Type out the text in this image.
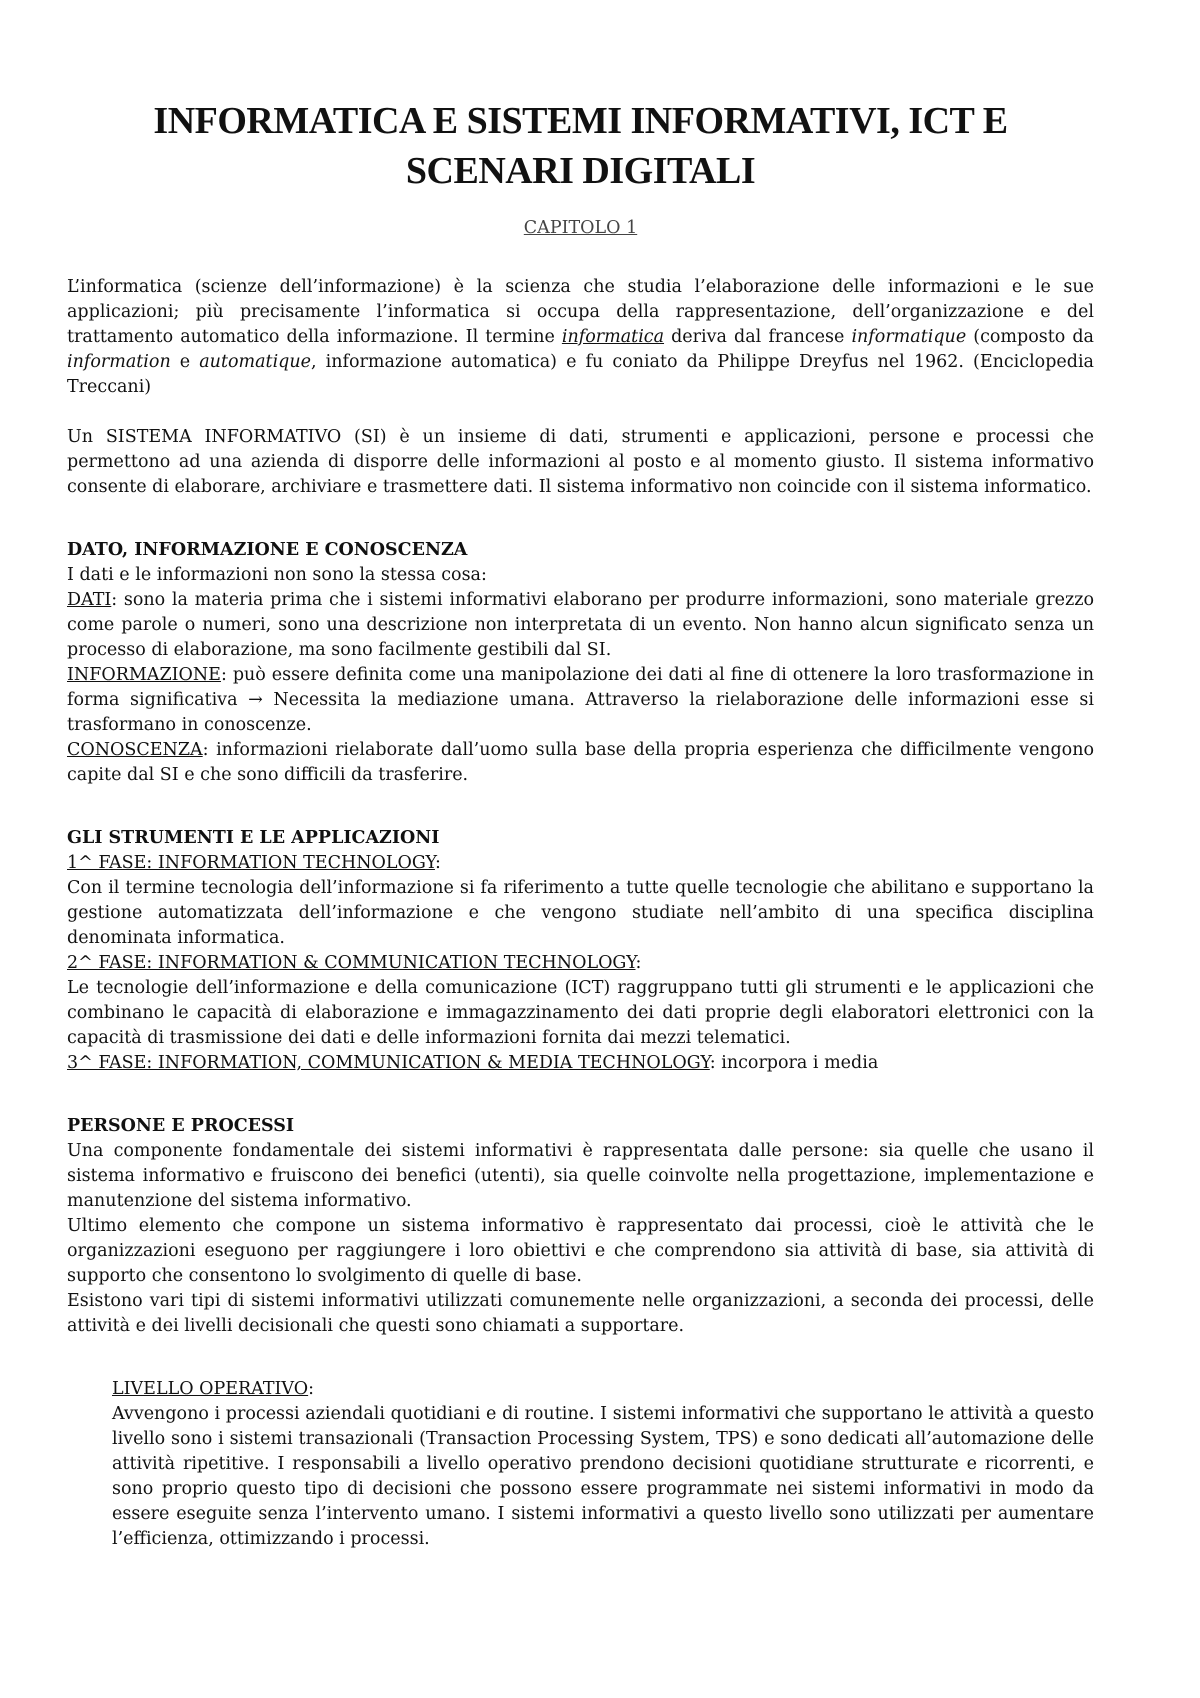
INFORMATICA E SISTEMI INFORMATIVI, ICT E SCENARI DIGITALI
CAPITOLO 1

L’informatica (scienze dell’informazione) è la scienza che studia l’elaborazione delle informazioni e le sue applicazioni; più precisamente l’informatica si occupa della rappresentazione, dell’organizzazione e del trattamento automatico della informazione. Il termine informatica deriva dal francese informatique (composto da information e automatique, informazione automatica) e fu coniato da Philippe Dreyfus nel 1962. (Enciclopedia Treccani)

Un SISTEMA INFORMATIVO (SI) è un insieme di dati, strumenti e applicazioni, persone e processi che permettono ad una azienda di disporre delle informazioni al posto e al momento giusto. Il sistema informativo consente di elaborare, archiviare e trasmettere dati. Il sistema informativo non coincide con il sistema informatico.

DATO, INFORMAZIONE E CONOSCENZA

I dati e le informazioni non sono la stessa cosa:

DATI: sono la materia prima che i sistemi informativi elaborano per produrre informazioni, sono materiale grezzo come parole o numeri, sono una descrizione non interpretata di un evento. Non hanno alcun significato senza un processo di elaborazione, ma sono facilmente gestibili dal SI.

INFORMAZIONE: può essere definita come una manipolazione dei dati al fine di ottenere la loro trasformazione in forma significativa → Necessita la mediazione umana. Attraverso la rielaborazione delle informazioni esse si trasformano in conoscenze.

CONOSCENZA: informazioni rielaborate dall’uomo sulla base della propria esperienza che difficilmente vengono capite dal SI e che sono difficili da trasferire.

GLI STRUMENTI E LE APPLICAZIONI

1^ FASE: INFORMATION TECHNOLOGY:

Con il termine tecnologia dell’informazione si fa riferimento a tutte quelle tecnologie che abilitano e supportano la gestione automatizzata dell’informazione e che vengono studiate nell’ambito di una specifica disciplina denominata informatica.

2^ FASE: INFORMATION & COMMUNICATION TECHNOLOGY:

Le tecnologie dell’informazione e della comunicazione (ICT) raggruppano tutti gli strumenti e le applicazioni che combinano le capacità di elaborazione e immagazzinamento dei dati proprie degli elaboratori elettronici con la capacità di trasmissione dei dati e delle informazioni fornita dai mezzi telematici.

3^ FASE: INFORMATION, COMMUNICATION & MEDIA TECHNOLOGY: incorpora i media

PERSONE E PROCESSI

Una componente fondamentale dei sistemi informativi è rappresentata dalle persone: sia quelle che usano il sistema informativo e fruiscono dei benefici (utenti), sia quelle coinvolte nella progettazione, implementazione e manutenzione del sistema informativo.

Ultimo elemento che compone un sistema informativo è rappresentato dai processi, cioè le attività che le organizzazioni eseguono per raggiungere i loro obiettivi e che comprendono sia attività di base, sia attività di supporto che consentono lo svolgimento di quelle di base.

Esistono vari tipi di sistemi informativi utilizzati comunemente nelle organizzazioni, a seconda dei processi, delle attività e dei livelli decisionali che questi sono chiamati a supportare.

LIVELLO OPERATIVO:

Avvengono i processi aziendali quotidiani e di routine. I sistemi informativi che supportano le attività a questo livello sono i sistemi transazionali (Transaction Processing System, TPS) e sono dedicati all’automazione delle attività ripetitive. I responsabili a livello operativo prendono decisioni quotidiane strutturate e ricorrenti, e sono proprio questo tipo di decisioni che possono essere programmate nei sistemi informativi in modo da essere eseguite senza l’intervento umano. I sistemi informativi a questo livello sono utilizzati per aumentare l’efficienza, ottimizzando i processi.
